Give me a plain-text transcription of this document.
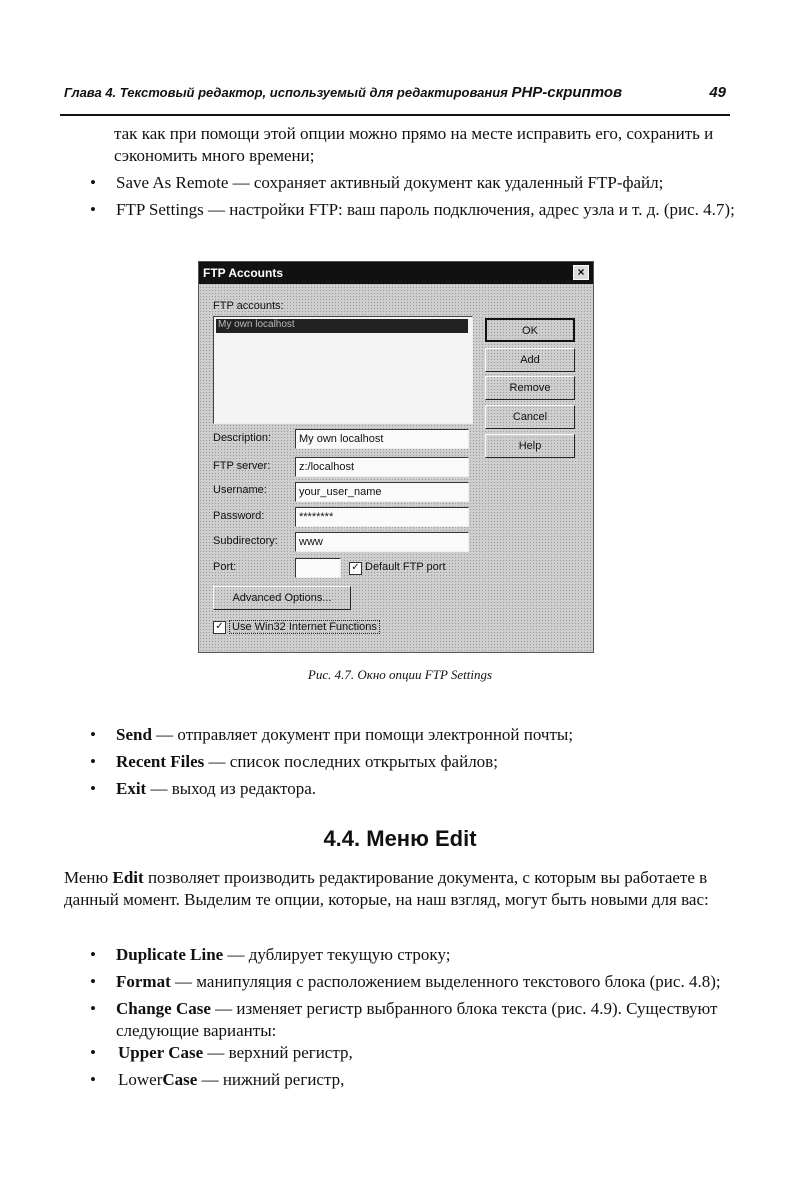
Глава 4. Текстовый редактор, используемый для редактирования PHP-скриптов	49
так как при помощи этой опции можно прямо на месте исправить его, сохранить и сэкономить много времени;
•	Save As Remote — сохраняет активный документ как удаленный FTP-файл;
•	FTP Settings — настройки FTP: ваш пароль подключения, адрес узла и т. д. (рис. 4.7);
FTP Accounts	×
FTP accounts:
My own localhost
OK
Add
Remove
Cancel
Help
Description:	My own localhost
FTP server:	z:/localhost
Username:	your_user_name
Password:	********
Subdirectory:	www
Port:	✓ Default FTP port
Advanced Options...
✓ Use Win32 Internet Functions
Рис. 4.7. Окно опции FTP Settings
•	Send — отправляет документ при помощи электронной почты;
•	Recent Files — список последних открытых файлов;
•	Exit — выход из редактора.
4.4. Меню Edit
Меню Edit позволяет производить редактирование документа, с которым вы работаете в данный момент. Выделим те опции, которые, на наш взгляд, могут быть новыми для вас:
•	Duplicate Line — дублирует текущую строку;
•	Format — манипуляция с расположением выделенного текстового блока (рис. 4.8);
•	Change Case — изменяет регистр выбранного блока текста (рис. 4.9). Существуют следующие варианты:
• Upper Case — верхний регистр,
• LowerCase — нижний регистр,
